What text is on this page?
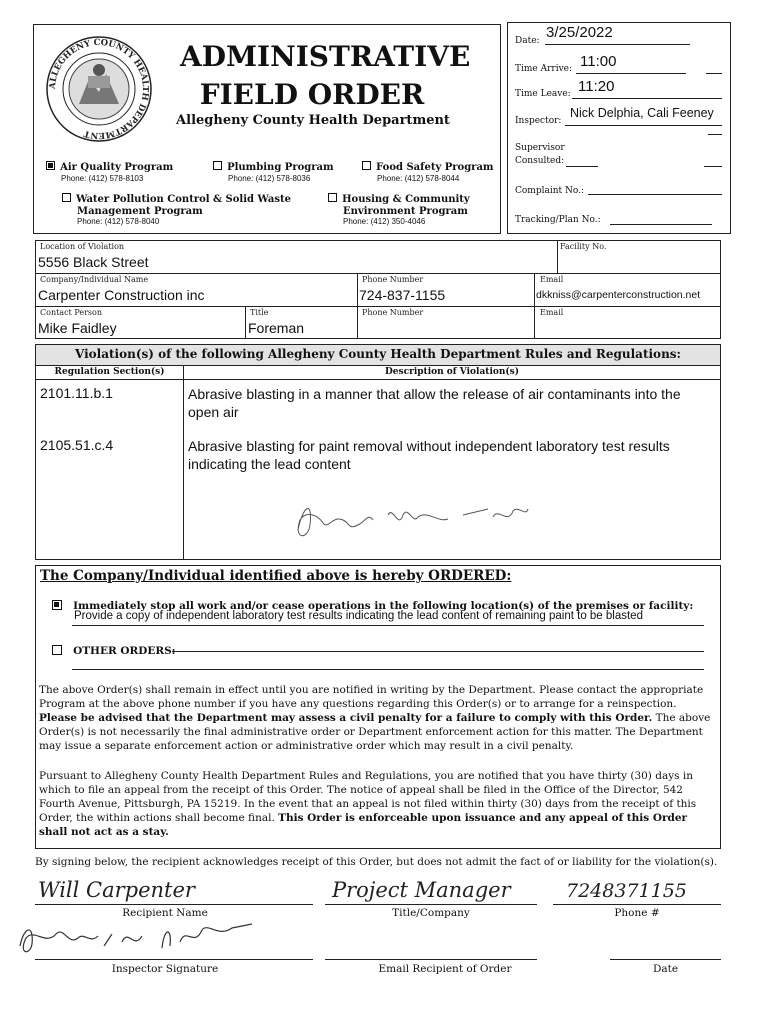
ALLEGHENY COUNTY HEALTH DEPARTMENT
ADMINISTRATIVE
FIELD ORDER
Allegheny County Health Department
Air Quality Program
Phone: (412) 578-8103
Plumbing Program
Phone: (412) 578-8036
Food Safety Program
Phone: (412) 578-8044
Water Pollution Control & Solid Waste
Management Program
Phone: (412) 578-8040
Housing & Community
Environment Program
Phone: (412) 350-4046
Date: 3/25/2022
Time Arrive: 11:00
Time Leave: 11:20
Inspector:
Nick Delphia, Cali Feeney
Supervisor
Consulted:
Complaint No.:
Tracking/Plan No.:
Location of Violation
5556 Black Street
Facility No.
Company/Individual Name
Carpenter Construction inc
Phone Number
724-837-1155
Email
dkkniss@carpenterconstruction.net
Contact Person
Mike Faidley
Title
Foreman
Phone Number	Email
Violation(s) of the following Allegheny County Health Department Rules and Regulations:
Regulation Section(s)	Description of Violation(s)
2101.11.b.1	Abrasive blasting in a manner that allow the release of air contaminants into the open air
2105.51.c.4	Abrasive blasting for paint removal without independent laboratory test results indicating the lead content
The Company/Individual identified above is hereby ORDERED:
Immediately stop all work and/or cease operations in the following location(s) of the premises or facility:
Provide a copy of independent laboratory test results indicating the lead content of remaining paint to be blasted
OTHER ORDERS:
The above Order(s) shall remain in effect until you are notified in writing by the Department. Please contact the appropriate Program at the above phone number if you have any questions regarding this Order(s) or to arrange for a reinspection. Please be advised that the Department may assess a civil penalty for a failure to comply with this Order. The above Order(s) is not necessarily the final administrative order or Department enforcement action for this matter. The Department may issue a separate enforcement action or administrative order which may result in a civil penalty.
Pursuant to Allegheny County Health Department Rules and Regulations, you are notified that you have thirty (30) days in which to file an appeal from the receipt of this Order. The notice of appeal shall be filed in the Office of the Director, 542 Fourth Avenue, Pittsburgh, PA 15219. In the event that an appeal is not filed within thirty (30) days from the receipt of this Order, the within actions shall become final. This Order is enforceable upon issuance and any appeal of this Order shall not act as a stay.
By signing below, the recipient acknowledges receipt of this Order, but does not admit the fact of or liability for the violation(s).
Will Carpenter
Recipient Name
Project Manager
Title/Company
7248371155
Phone #
Inspector Signature	Email Recipient of Order	Date
